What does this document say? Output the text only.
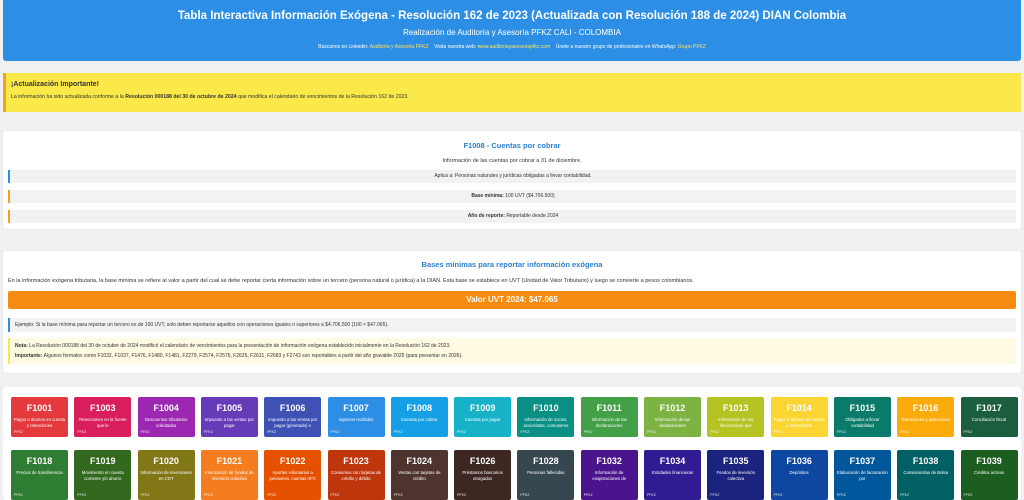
Tabla Interactiva Información Exógena - Resolución 162 de 2023 (Actualizada con Resolución 188 de 2024) DIAN Colombia
Realización de Auditoría y Asesoría PFKZ CALI - COLOMBIA
Búscanos en Linkedin: Auditoría y Asesoría PFKZ Visita nuestra web: www.auditoriayasesoriapfkz.com Únete a nuestro grupo de profesionales en WhatsApp: Grupo PFKZ
¡Actualización Importante!
La información ha sido actualizada conforme a la Resolución 000188 del 30 de octubre de 2024 que modifica el calendario de vencimientos de la Resolución 162 de 2023.
F1008 - Cuentas por cobrar
Información de las cuentas por cobrar a 31 de diciembre.
Aplica a: Personas naturales y jurídicas obligadas a llevar contabilidad.
Base mínima: 100 UVT ($4.706.500)
Año de reporte: Reportable desde 2024
Bases mínimas para reportar información exógena
En la información exógena tributaria, la base mínima se refiere al valor a partir del cual se debe reportar cierta información sobre un tercero (persona natural o jurídica) a la DIAN. Esta base se establece en UVT (Unidad de Valor Tributario) y luego se convierte a pesos colombianos.
Valor UVT 2024: $47.065
Ejemplo: Si la base mínima para reportar un tercero es de 100 UVT, solo deben reportarse aquellos con operaciones iguales o superiores a $4.706.500 (100 × $47.065).
Nota: La Resolución 000188 del 30 de octubre de 2024 modificó el calendario de vencimientos para la presentación de información exógena establecido inicialmente en la Resolución 162 de 2023.
Importante: Algunos formatos como F1032, F1037, F1476, F1480, F1481, F2279, F2574, F2575, F2625, F2631, F2683 y F2743 son reportables a partir del año gravable 2025 (para presentar en 2026).
F1001
Pagos o abonos en cuenta y retenciones
PFKZ
F1003
Retenciones en la fuente que le
PFKZ
F1004
Descuentos tributarios solicitados
PFKZ
F1005
Impuesto a las ventas por pagar
PFKZ
F1006
Impuesto a las ventas por pagar (generado) e
PFKZ
F1007
Ingresos recibidos
PFKZ
F1008
Cuentas por cobrar
PFKZ
F1009
Cuentas por pagar
PFKZ
F1010
Información de socios, accionistas, comuneros
PFKZ
F1011
Información de las declaraciones
PFKZ
F1012
Información de las declaraciones
PFKZ
F1013
Información de los fideicomisos que
PFKZ
F1014
Pagos o abonos en cuenta y retenciones
PFKZ
F1015
Obligados a llevar contabilidad
PFKZ
F1016
Donaciones y patrocinios
PFKZ
F1017
Conciliación fiscal
PFKZ
F1018
Precios de transferencia
PFKZ
F1019
Movimiento en cuenta corriente y/o ahorro
PFKZ
F1020
Información de inversiones en CDT
PFKZ
F1021
Información de fondos de inversión colectiva
PFKZ
F1022
Aportes voluntarios a pensiones, cuentas AFC
PFKZ
F1023
Consumos con tarjetas de crédito y débito
PFKZ
F1024
Ventas con tarjetas de crédito
PFKZ
F1026
Préstamos bancarios otorgados
PFKZ
F1028
Personas fallecidas
PFKZ
F1032
Información de enajenaciones de
PFKZ
F1034
Entidades financieras
PFKZ
F1035
Fondos de inversión colectiva
PFKZ
F1036
Depósitos
PFKZ
F1037
Elaboración de facturación por
PFKZ
F1038
Comisionistas de Bolsa
PFKZ
F1039
Créditos activos
PFKZ
